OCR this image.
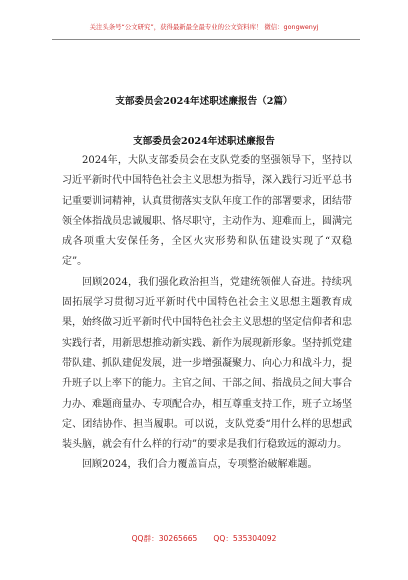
关注头条号“公文研究”，获得最新最全最专业的公文资料库！ 微信：gongwenyj
支部委员会2024年述职述廉报告（2篇）
支部委员会2024年述职述廉报告

2024年，大队支部委员会在支队党委的坚强领导下，坚持以习近平新时代中国特色社会主义思想为指导，深入践行习近平总书记重要训词精神，认真贯彻落实支队年度工作的部署要求，团结带领全体指战员忠诚履职、恪尽职守，主动作为、迎难而上，圆满完成各项重大安保任务，全区火灾形势和队伍建设实现了“双稳定”。

回顾2024，我们强化政治担当，党建统领催人奋进。持续巩固拓展学习贯彻习近平新时代中国特色社会主义思想主题教育成果，始终做习近平新时代中国特色社会主义思想的坚定信仰者和忠实践行者，用新思想推动新实践、新作为展现新形象。坚持抓党建带队建、抓队建促发展，进一步增强凝聚力、向心力和战斗力，提升班子以上率下的能力。主官之间、干部之间、指战员之间大事合力办、难题商量办、专项配合办，相互尊重支持工作，班子立场坚定、团结协作、担当履职。可以说，支队党委“用什么样的思想武装头脑，就会有什么样的行动”的要求是我们行稳致远的源动力。

回顾2024，我们合力覆盖盲点，专项整治破解难题。

QQ群：30265665 QQ：535304092
